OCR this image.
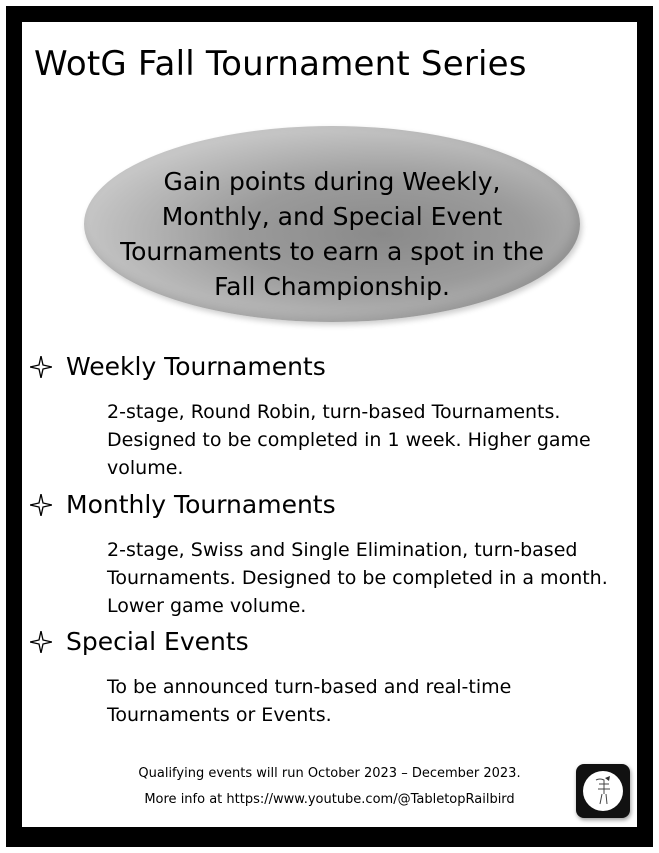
WotG Fall Tournament Series

Gain points during Weekly, Monthly, and Special Event Tournaments to earn a spot in the Fall Championship.

Weekly Tournaments

2-stage, Round Robin, turn-based Tournaments. Designed to be completed in 1 week. Higher game volume.

Monthly Tournaments

2-stage, Swiss and Single Elimination, turn-based Tournaments. Designed to be completed in a month. Lower game volume.

Special Events

To be announced turn-based and real-time Tournaments or Events.

Qualifying events will run October 2023 – December 2023.

More info at https://www.youtube.com/@TabletopRailbird
